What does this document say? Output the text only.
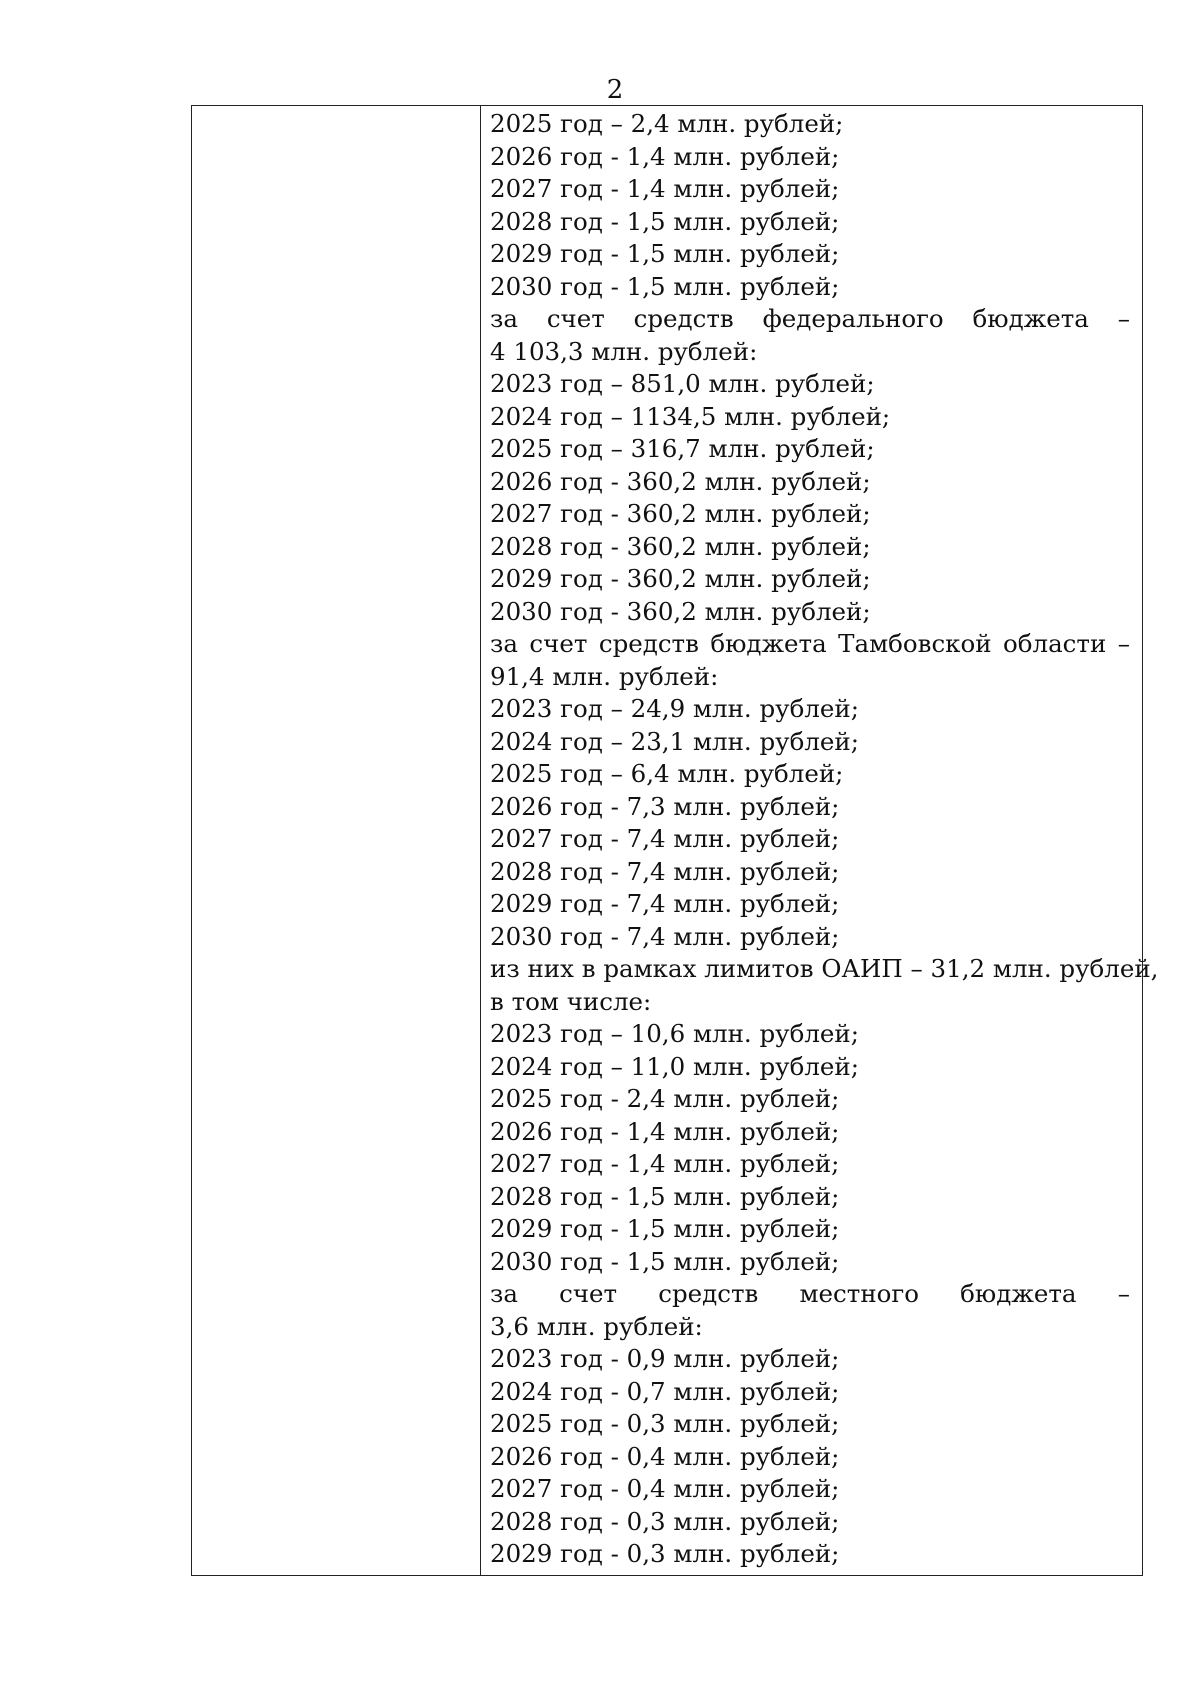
2
2025 год – 2,4 млн. рублей;
2026 год - 1,4 млн. рублей;
2027 год - 1,4 млн. рублей;
2028 год - 1,5 млн. рублей;
2029 год - 1,5 млн. рублей;
2030 год - 1,5 млн. рублей;
за счет средств федерального бюджета –
4 103,3 млн. рублей:
2023 год – 851,0 млн. рублей;
2024 год – 1134,5 млн. рублей;
2025 год – 316,7 млн. рублей;
2026 год - 360,2 млн. рублей;
2027 год - 360,2 млн. рублей;
2028 год - 360,2 млн. рублей;
2029 год - 360,2 млн. рублей;
2030 год - 360,2 млн. рублей;
за счет средств бюджета Тамбовской области –
91,4 млн. рублей:
2023 год – 24,9 млн. рублей;
2024 год – 23,1 млн. рублей;
2025 год – 6,4 млн. рублей;
2026 год - 7,3 млн. рублей;
2027 год - 7,4 млн. рублей;
2028 год - 7,4 млн. рублей;
2029 год - 7,4 млн. рублей;
2030 год - 7,4 млн. рублей;
из них в рамках лимитов ОАИП – 31,2 млн. рублей,
в том числе:
2023 год – 10,6 млн. рублей;
2024 год – 11,0 млн. рублей;
2025 год - 2,4 млн. рублей;
2026 год - 1,4 млн. рублей;
2027 год - 1,4 млн. рублей;
2028 год - 1,5 млн. рублей;
2029 год - 1,5 млн. рублей;
2030 год - 1,5 млн. рублей;
за счет средств местного бюджета –
3,6 млн. рублей:
2023 год - 0,9 млн. рублей;
2024 год - 0,7 млн. рублей;
2025 год - 0,3 млн. рублей;
2026 год - 0,4 млн. рублей;
2027 год - 0,4 млн. рублей;
2028 год - 0,3 млн. рублей;
2029 год - 0,3 млн. рублей;
